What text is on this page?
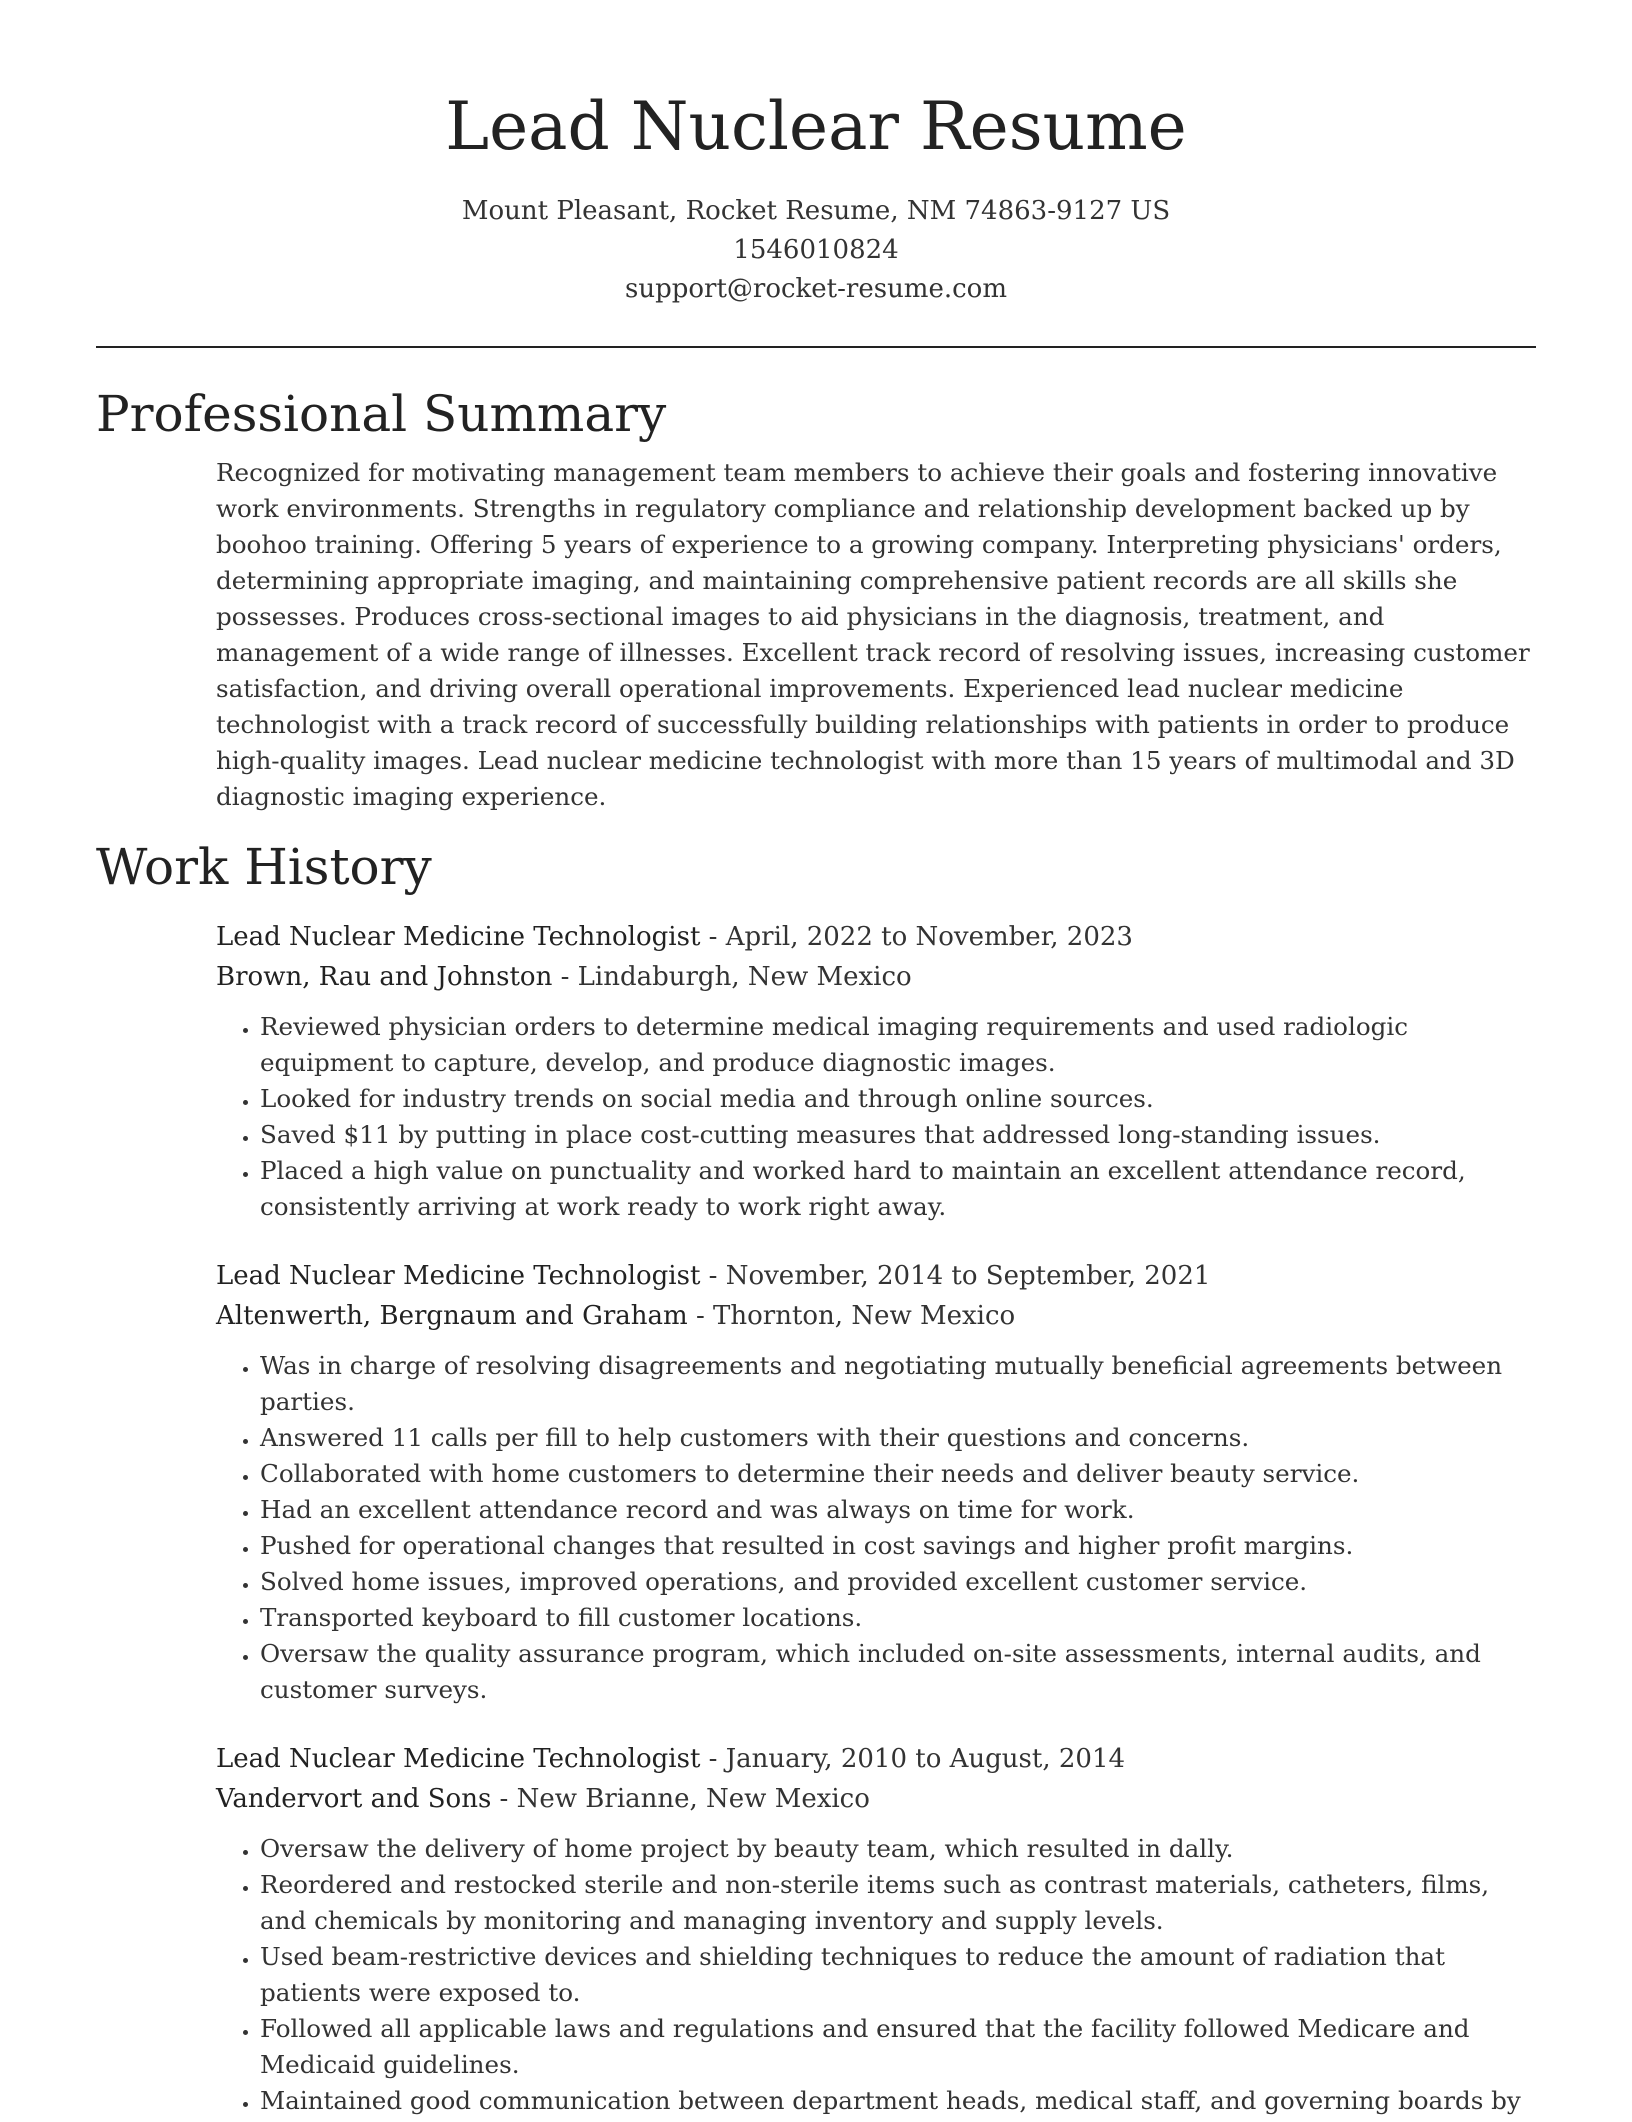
Lead Nuclear Resume
Mount Pleasant, Rocket Resume, NM 74863-9127 US
1546010824
support@rocket-resume.com
Professional Summary
Recognized for motivating management team members to achieve their goals and fostering innovative work environments. Strengths in regulatory compliance and relationship development backed up by boohoo training. Offering 5 years of experience to a growing company. Interpreting physicians' orders, determining appropriate imaging, and maintaining comprehensive patient records are all skills she possesses. Produces cross-sectional images to aid physicians in the diagnosis, treatment, and management of a wide range of illnesses. Excellent track record of resolving issues, increasing customer satisfaction, and driving overall operational improvements. Experienced lead nuclear medicine technologist with a track record of successfully building relationships with patients in order to produce high-quality images. Lead nuclear medicine technologist with more than 15 years of multimodal and 3D diagnostic imaging experience.
Work History
Lead Nuclear Medicine Technologist - April, 2022 to November, 2023
Brown, Rau and Johnston - Lindaburgh, New Mexico
• Reviewed physician orders to determine medical imaging requirements and used radiologic equipment to capture, develop, and produce diagnostic images.
• Looked for industry trends on social media and through online sources.
• Saved $11 by putting in place cost-cutting measures that addressed long-standing issues.
• Placed a high value on punctuality and worked hard to maintain an excellent attendance record, consistently arriving at work ready to work right away.
Lead Nuclear Medicine Technologist - November, 2014 to September, 2021
Altenwerth, Bergnaum and Graham - Thornton, New Mexico
• Was in charge of resolving disagreements and negotiating mutually beneficial agreements between parties.
• Answered 11 calls per fill to help customers with their questions and concerns.
• Collaborated with home customers to determine their needs and deliver beauty service.
• Had an excellent attendance record and was always on time for work.
• Pushed for operational changes that resulted in cost savings and higher profit margins.
• Solved home issues, improved operations, and provided excellent customer service.
• Transported keyboard to fill customer locations.
• Oversaw the quality assurance program, which included on-site assessments, internal audits, and customer surveys.
Lead Nuclear Medicine Technologist - January, 2010 to August, 2014
Vandervort and Sons - New Brianne, New Mexico
• Oversaw the delivery of home project by beauty team, which resulted in dally.
• Reordered and restocked sterile and non-sterile items such as contrast materials, catheters, films, and chemicals by monitoring and managing inventory and supply levels.
• Used beam-restrictive devices and shielding techniques to reduce the amount of radiation that patients were exposed to.
• Followed all applicable laws and regulations and ensured that the facility followed Medicare and Medicaid guidelines.
• Maintained good communication between department heads, medical staff, and governing boards by
